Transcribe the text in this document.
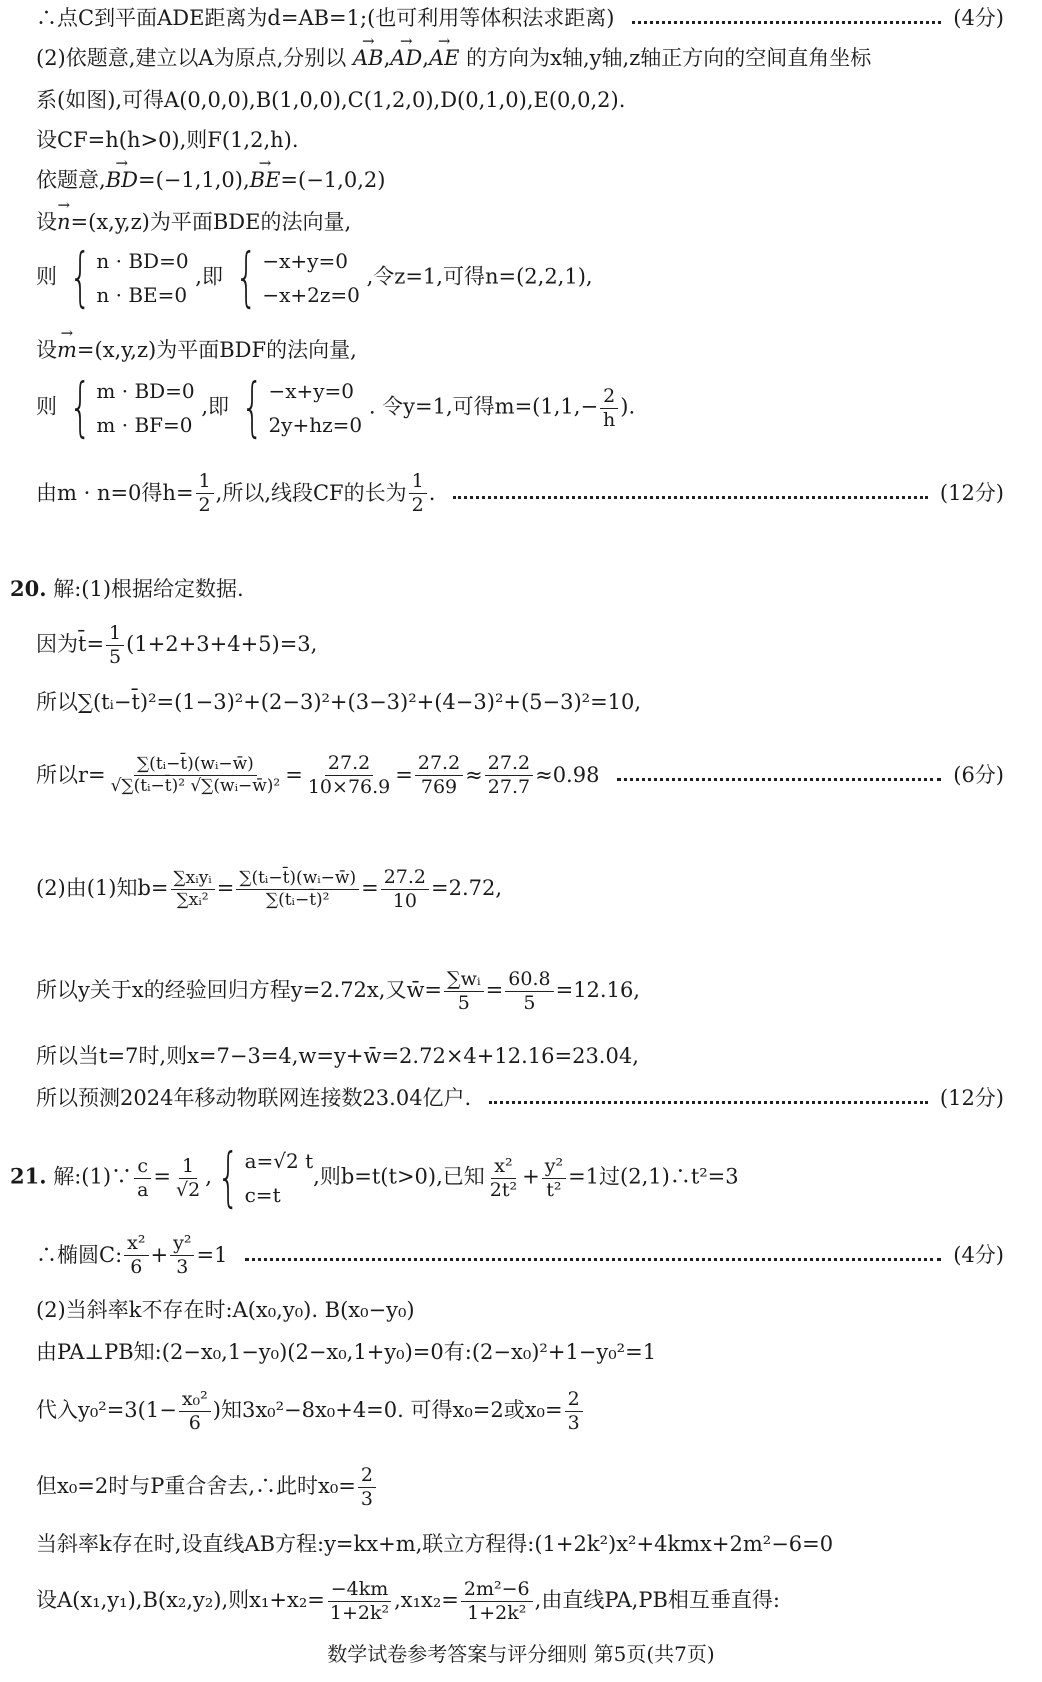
∴点C到平面ADE距离为d=AB=1;(也可利用等体积法求距离)	(4分)
(2)依题意,建立以A为原点,分别以 → AB,→ AD,→ AE 的方向为x轴,y轴,z轴正方向的空间直角坐标
系(如图),可得A(0,0,0),B(1,0,0),C(1,2,0),D(0,1,0),E(0,0,2).
设CF=h(h>0),则F(1,2,h).
依题意,→ BD=(−1,1,0),→ BE=(−1,0,2)
设→ n=(x,y,z)为平面BDE的法向量,
则 { n · BD=0
n · BE=0
,即 { −x+y=0
−x+2z=0
,令z=1,可得n=(2,2,1),
设→ m=(x,y,z)为平面BDF的法向量,
则 { m · BD=0
m · BF=0
,即 { −x+y=0
2y+hz=0
. 令y=1,可得$m=(1,1,- \frac{2}{h}$ ).
由m · n=0得$h= \frac{1}{2}$ ,所以,线段CF的长为 1
2
.	(12分)
20. 解:(1)根据给定数据.
因为t̄= $\frac{1}{5} (1+2+3+4+5)=3$,
所以∑(tᵢ−t̄)²=(1−3)²+(2−3)²+(3−3)²+(4−3)²+(5−3)²=10,
所以$r= \frac{\text{∑(tᵢ−t̄)(wᵢ−w̄)}}{\text{√∑(tᵢ−t̄)² √∑(wᵢ−w̄)²}} = \frac{27.2}{10\times 76.9} = 27.2$
769
≈ $\frac{27.2}{27.7} \approx 0.98$	(6分)
(2)由(1)知b= ∑xᵢyᵢ
∑xᵢ² = $\frac{\text{∑(tᵢ−t̄)(wᵢ−w̄)}}{\text{∑(tᵢ−t̄)²}} = \frac{27.2}{10} =2.72$,
所以y关于x的经验回归方程y=2.72x,又w̄= $\frac{\text{∑wᵢ}}{5} = \frac{60.8}{5} =12.16$,
所以当t=7时,则x=7−3=4,w=y+w̄=2.72×4+12.16=23.04,
所以预测2024年移动物联网连接数23.04亿户.	(12分)
21. 解:(1)∵ $\frac{c}{a} = \frac{1}{√2}$ , { a=√2 t
c=t
,则b=t(t>0),已知 $\frac{\text{x²}}{\text{2t²}} + \frac{\text{y²}}{\text{t²}} =1$过(2,1)∴t²=3
∴椭圆C: x²
6
+ $\frac{\text{y²}}{3} =1$	(4分)
(2)当斜率k不存在时:A(x₀,y₀). B(x₀−y₀)
由PA⊥PB知:(2−x₀,1−y₀)(2−x₀,1+y₀)=0有:(2−x₀)²+1−y₀²=1
代入$y_0^2=3(1- \frac{\text{x₀²}}{6}$ )知3x₀²−8x₀+4=0. 可得x₀=2或$x_0= \frac{2}{3}$
但x₀=2时与P重合舍去,∴此时$x_0= \frac{2}{3}$
当斜率k存在时,设直线AB方程:y=kx+m,联立方程得:(1+2k²)x²+4kmx+2m²−6=0
设A(x₁,y₁),B(x₂,y₂),则$x_1+x_2= \frac{-4km}{\text{1+2k²}} ,x_1x_2= \frac{\text{2m²−6}}{\text{1+2k²}}$ ,由直线PA,PB相互垂直得:
数学试卷参考答案与评分细则 第5页(共7页)
